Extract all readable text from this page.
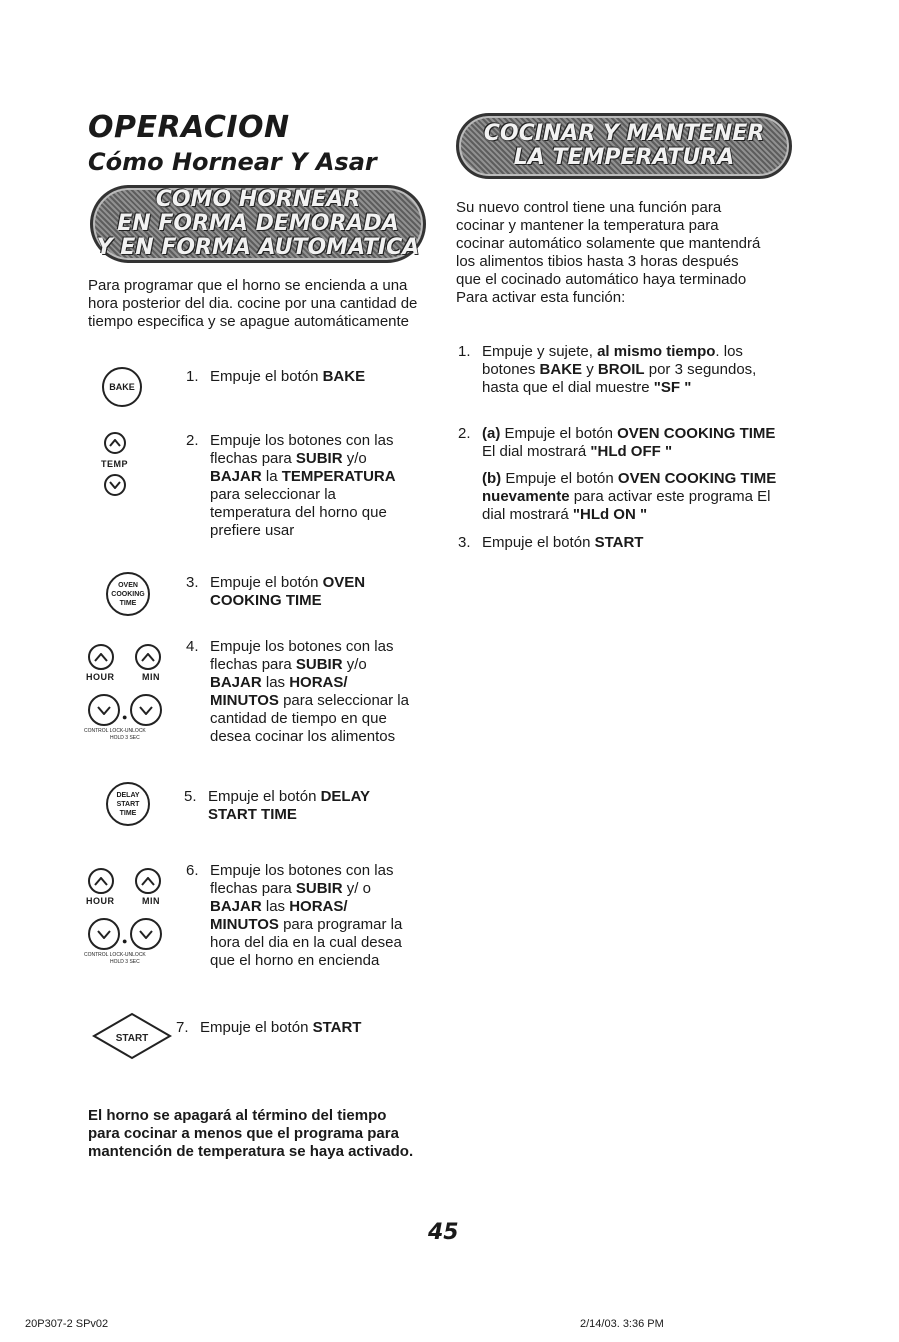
OPERACION
Cómo Hornear Y Asar
COMO HORNEAR
EN FORMA DEMORADA
Y EN FORMA AUTOMATICA
COCINAR Y MANTENER
LA TEMPERATURA

Para programar que el horno se encienda a una hora posterior del dia. cocine por una cantidad de tiempo especifica y se apague automáticamente

BAKE

1. Empuje el botón BAKE

TEMP

2. Empuje los botones con las flechas para SUBIR y/o BAJAR la TEMPERATURA para seleccionar la temperatura del horno que prefiere usar

OVEN
COOKING
TIME

3. Empuje el botón OVEN COOKING TIME

HOUR	MIN
●
CONTROL LOCK-UNLOCK
HOLD 3 SEC

4. Empuje los botones con las flechas para SUBIR y/o BAJAR las HORAS/ MINUTOS para seleccionar la cantidad de tiempo en que desea cocinar los alimentos

DELAY
START
TIME

5. Empuje el botón DELAY START TIME

HOUR	MIN
●
CONTROL LOCK-UNLOCK
HOLD 3 SEC

6. Empuje los botones con las flechas para SUBIR y/ o BAJAR las HORAS/ MINUTOS para programar la hora del dia en la cual desea que el horno en encienda

START

7. Empuje el botón START

El horno se apagará al término del tiempo para cocinar a menos que el programa para mantención de temperatura se haya activado.

Su nuevo control tiene una función para cocinar y mantener la temperatura para cocinar automático solamente que mantendrá los alimentos tibios hasta 3 horas después que el cocinado automático haya terminado Para activar esta función:

1. Empuje y sujete, al mismo tiempo. los botones BAKE y BROIL por 3 segundos, hasta que el dial muestre "SF "

2. (a) Empuje el botón OVEN COOKING TIME El dial mostrará "HLd OFF "

(b) Empuje el botón OVEN COOKING TIME nuevamente para activar este programa El dial mostrará "HLd ON "

3. Empuje el botón START

45
20P307-2 SPv02	2/14/03. 3:36 PM
